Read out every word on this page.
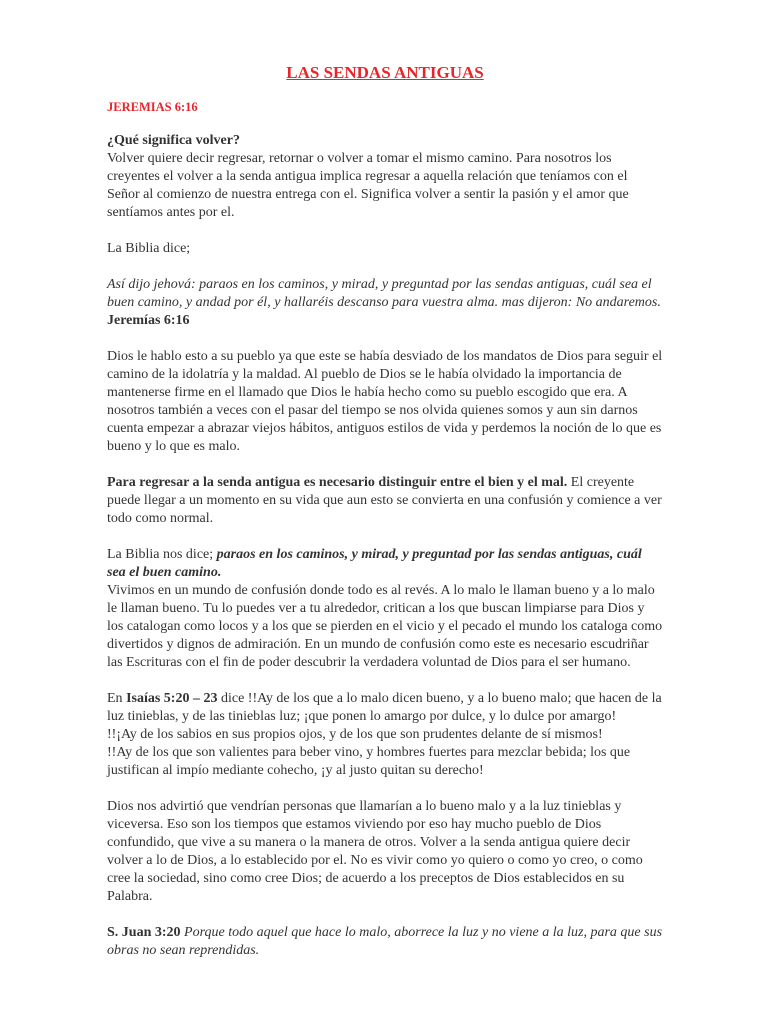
LAS SENDAS ANTIGUAS
JEREMIAS 6:16

¿Qué significa volver?
Volver quiere decir regresar, retornar o volver a tomar el mismo camino. Para nosotros los creyentes el volver a la senda antigua implica regresar a aquella relación que teníamos con el Señor al comienzo de nuestra entrega con el. Significa volver a sentir la pasión y el amor que sentíamos antes por el.

La Biblia dice;

Así dijo jehová: paraos en los caminos, y mirad, y preguntad por las sendas antiguas, cuál sea el buen camino, y andad por él, y hallaréis descanso para vuestra alma. mas dijeron: No andaremos.
Jeremías 6:16

Dios le hablo esto a su pueblo ya que este se había desviado de los mandatos de Dios para seguir el camino de la idolatría y la maldad. Al pueblo de Dios se le había olvidado la importancia de mantenerse firme en el llamado que Dios le había hecho como su pueblo escogido que era. A nosotros también a veces con el pasar del tiempo se nos olvida quienes somos y aun sin darnos cuenta empezar a abrazar viejos hábitos, antiguos estilos de vida y perdemos la noción de lo que es bueno y lo que es malo.

Para regresar a la senda antigua es necesario distinguir entre el bien y el mal. El creyente puede llegar a un momento en su vida que aun esto se convierta en una confusión y comience a ver todo como normal.

La Biblia nos dice; paraos en los caminos, y mirad, y preguntad por las sendas antiguas, cuál sea el buen camino.
Vivimos en un mundo de confusión donde todo es al revés. A lo malo le llaman bueno y a lo malo le llaman bueno. Tu lo puedes ver a tu alrededor, critican a los que buscan limpiarse para Dios y los catalogan como locos y a los que se pierden en el vicio y el pecado el mundo los cataloga como divertidos y dignos de admiración. En un mundo de confusión como este es necesario escudriñar las Escrituras con el fin de poder descubrir la verdadera voluntad de Dios para el ser humano.

En Isaías 5:20 – 23 dice !!Ay de los que a lo malo dicen bueno, y a lo bueno malo; que hacen de la luz tinieblas, y de las tinieblas luz; ¡que ponen lo amargo por dulce, y lo dulce por amargo!
!!¡Ay de los sabios en sus propios ojos, y de los que son prudentes delante de sí mismos!
!!Ay de los que son valientes para beber vino, y hombres fuertes para mezclar bebida; los que justifican al impío mediante cohecho, ¡y al justo quitan su derecho!

Dios nos advirtió que vendrían personas que llamarían a lo bueno malo y a la luz tinieblas y viceversa. Eso son los tiempos que estamos viviendo por eso hay mucho pueblo de Dios confundido, que vive a su manera o la manera de otros. Volver a la senda antigua quiere decir volver a lo de Dios, a lo establecido por el. No es vivir como yo quiero o como yo creo, o como cree la sociedad, sino como cree Dios; de acuerdo a los preceptos de Dios establecidos en su Palabra.

S. Juan 3:20 Porque todo aquel que hace lo malo, aborrece la luz y no viene a la luz, para que sus obras no sean reprendidas.
